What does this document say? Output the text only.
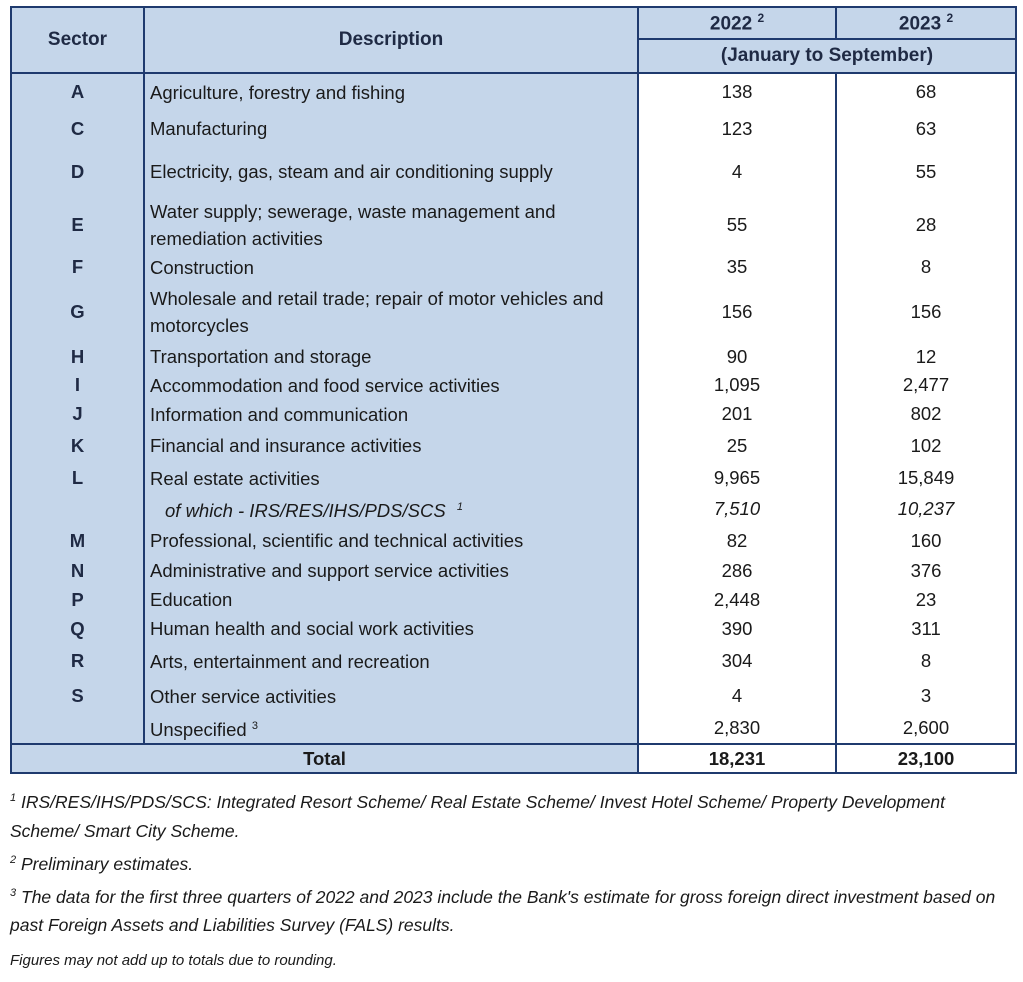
Sector	Description	2022 $^2$	2023 $^2$
		(January to September)	
A	Agriculture, forestry and fishing	138	68
C	Manufacturing	123	63
D	Electricity, gas, steam and air conditioning supply	4	55
E	Water supply; sewerage, waste management and remediation activities	55	28
F	Construction	35	8
G	Wholesale and retail trade; repair of motor vehicles and motorcycles	156	156
H	Transportation and storage	90	12
I	Accommodation and food service activities	1,095	2,477
J	Information and communication	201	802
K	Financial and insurance activities	25	102
L	Real estate activities	9,965	15,849
	of which - IRS/RES/IHS/PDS/SCS $^1$	7,510	10,237
M	Professional, scientific and technical activities	82	160
N	Administrative and support service activities	286	376
P	Education	2,448	23
Q	Human health and social work activities	390	311
R	Arts, entertainment and recreation	304	8
S	Other service activities	4	3
	Unspecified $^3$	2,830	2,600
Total		18,231	23,100

$^1$ IRS/RES/IHS/PDS/SCS: Integrated Resort Scheme/ Real Estate Scheme/ Invest Hotel Scheme/ Property Development Scheme/ Smart City Scheme.

$^2$ Preliminary estimates.

$^3$ The data for the first three quarters of 2022 and 2023 include the Bank's estimate for gross foreign direct investment based on past Foreign Assets and Liabilities Survey (FALS) results.

Figures may not add up to totals due to rounding.
